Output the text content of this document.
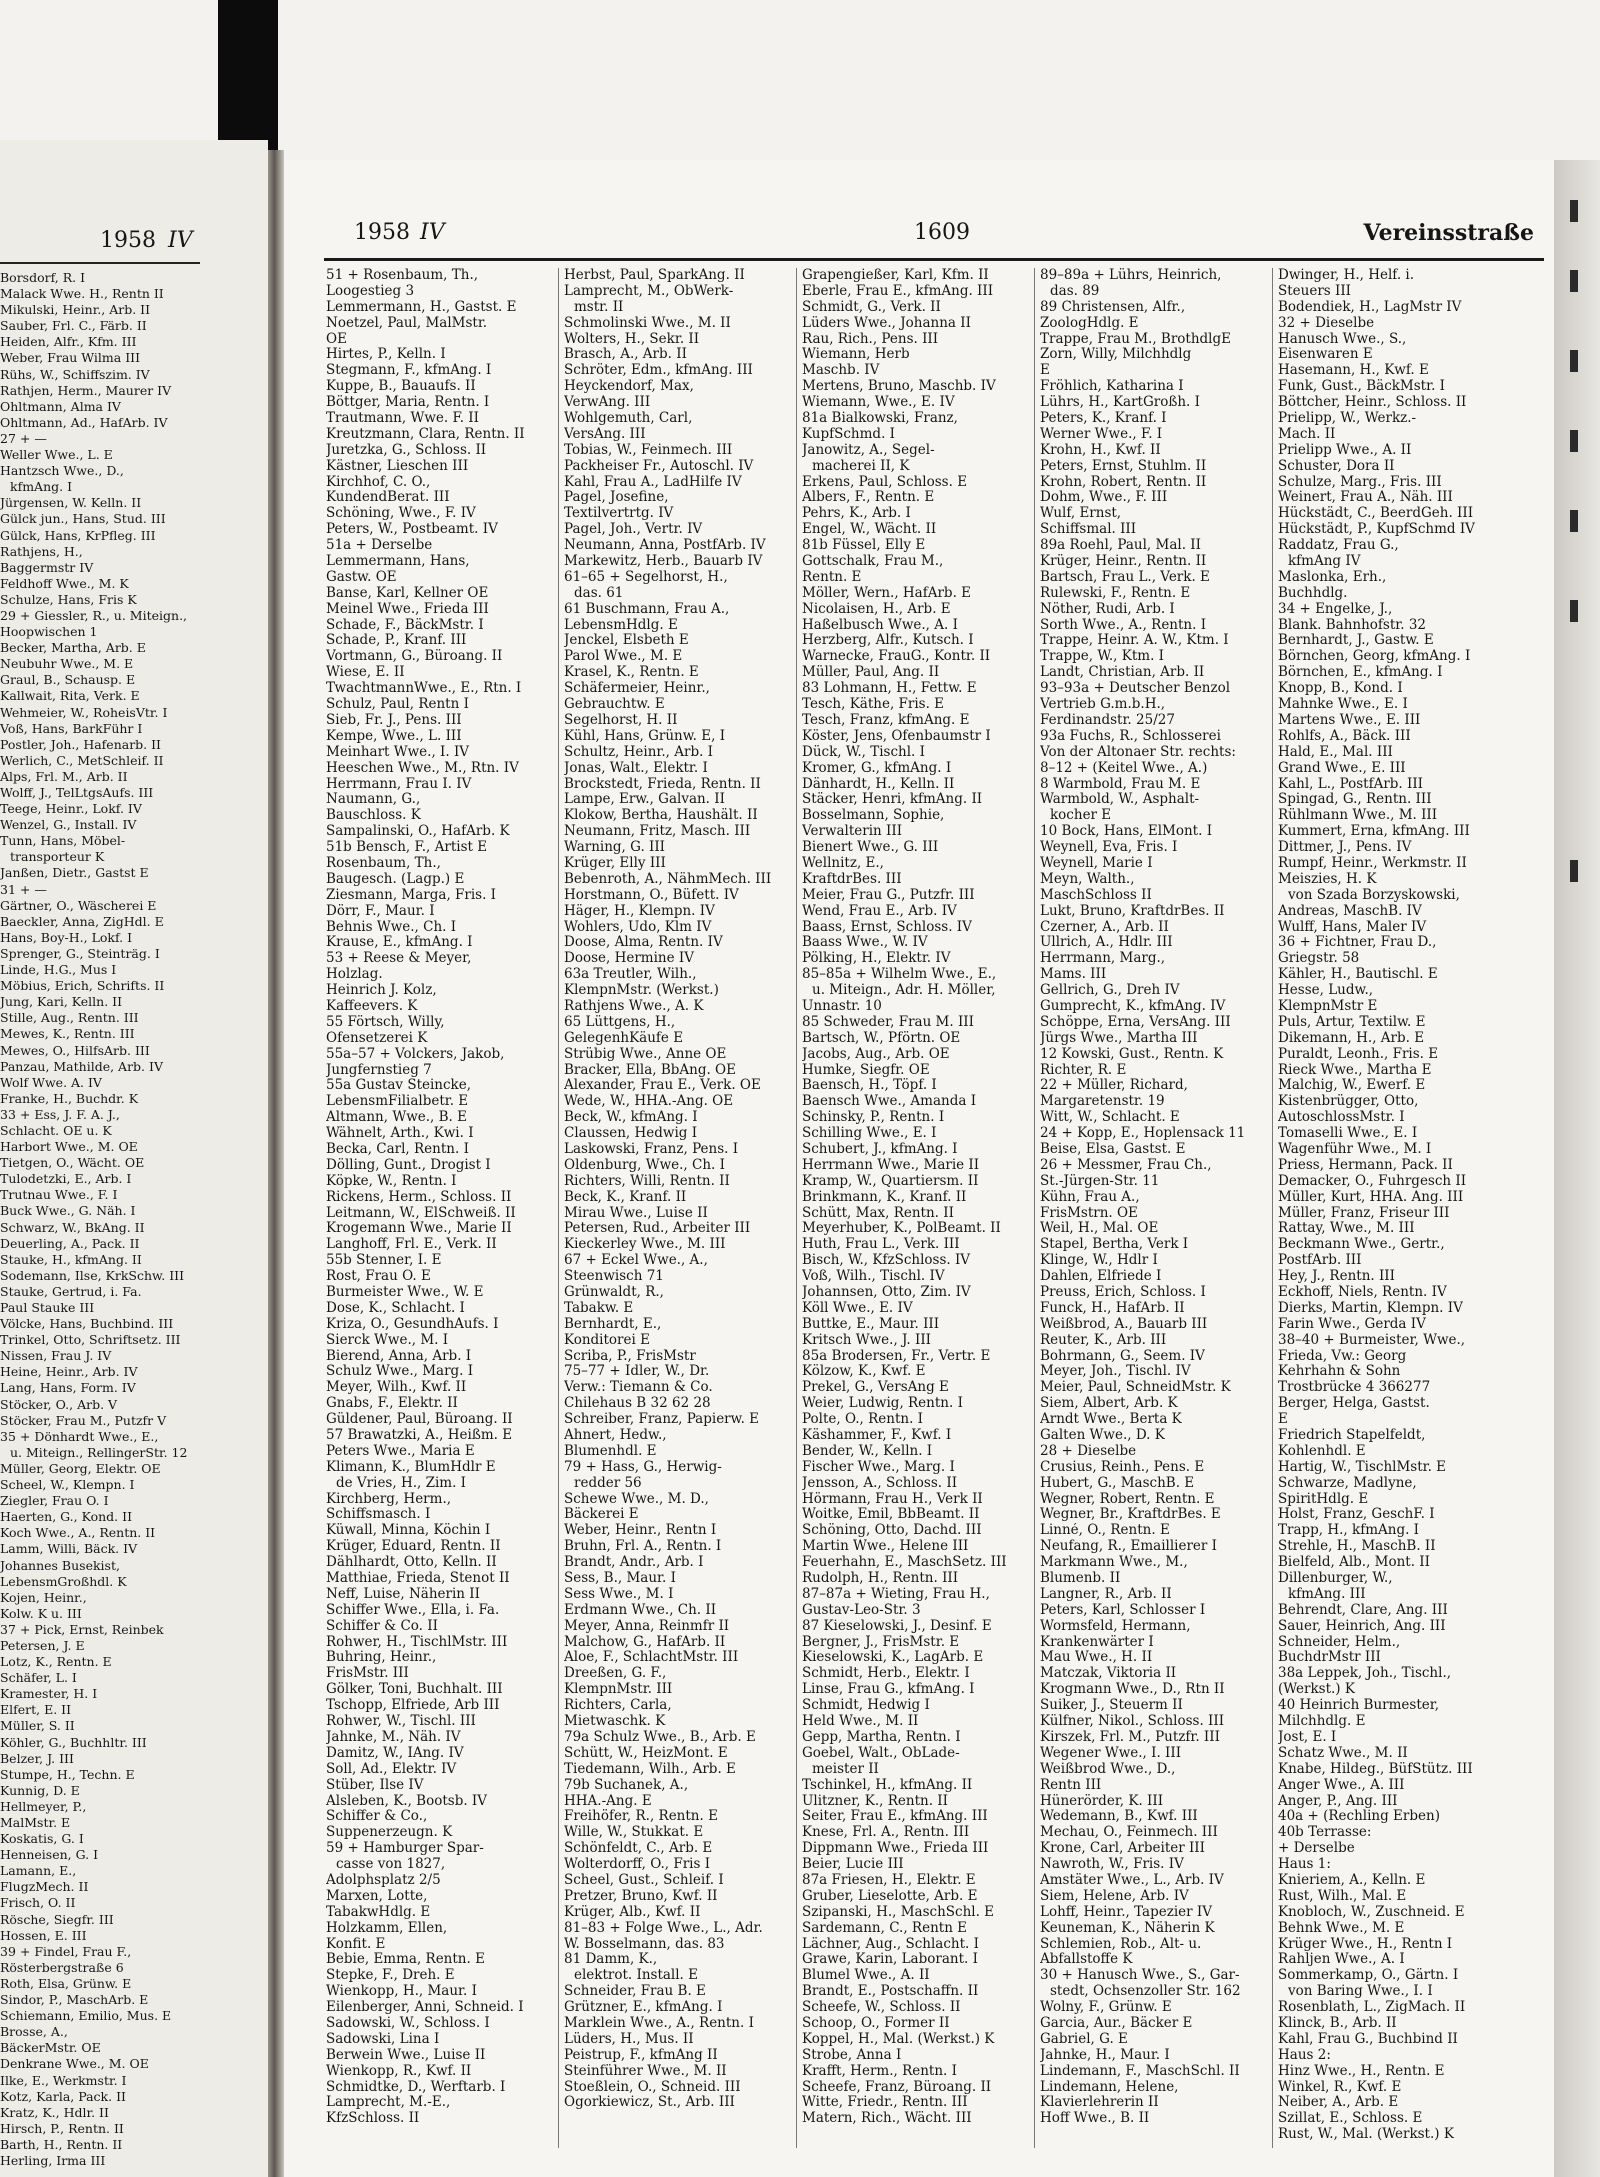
1958 IV
Borsdorf, R. I
Malack Wwe. H., Rentn II
Mikulski, Heinr., Arb. II
Sauber, Frl. C., Färb. II
Heiden, Alfr., Kfm. III
Weber, Frau Wilma III
Rühs, W., Schiffszim. IV
Rathjen, Herm., Maurer IV
Ohltmann, Alma IV
Ohltmann, Ad., HafArb. IV
27 + —
Weller Wwe., L. E
Hantzsch Wwe., D.,
kfmAng. I
Jürgensen, W. Kelln. II
Gülck jun., Hans, Stud. III
Gülck, Hans, KrPfleg. III
Rathjens, H.,
Baggermstr IV
Feldhoff Wwe., M. K
Schulze, Hans, Fris K
29 + Giessler, R., u. Miteign.,
Hoopwischen 1
Becker, Martha, Arb. E
Neubuhr Wwe., M. E
Graul, B., Schausp. E
Kallwait, Rita, Verk. E
Wehmeier, W., RoheisVtr. I
Voß, Hans, BarkFühr I
Postler, Joh., Hafenarb. II
Werlich, C., MetSchleif. II
Alps, Frl. M., Arb. II
Wolff, J., TelLtgsAufs. III
Teege, Heinr., Lokf. IV
Wenzel, G., Install. IV
Tunn, Hans, Möbel-
transporteur K
Janßen, Dietr., Gastst E
31 + —
Gärtner, O., Wäscherei E
Baeckler, Anna, ZigHdl. E
Hans, Boy-H., Lokf. I
Sprenger, G., Steinträg. I
Linde, H.G., Mus I
Möbius, Erich, Schrifts. II
Jung, Kari, Kelln. II
Stille, Aug., Rentn. III
Mewes, K., Rentn. III
Mewes, O., HilfsArb. III
Panzau, Mathilde, Arb. IV
Wolf Wwe. A. IV
Franke, H., Buchdr. K
33 + Ess, J. F. A. J.,
Schlacht. OE u. K
Harbort Wwe., M. OE
Tietgen, O., Wächt. OE
Tulodetzki, E., Arb. I
Trutnau Wwe., F. I
Buck Wwe., G. Näh. I
Schwarz, W., BkAng. II
Deuerling, A., Pack. II
Stauke, H., kfmAng. II
Sodemann, Ilse, KrkSchw. III
Stauke, Gertrud, i. Fa.
Paul Stauke III
Völcke, Hans, Buchbind. III
Trinkel, Otto, Schriftsetz. III
Nissen, Frau J. IV
Heine, Heinr., Arb. IV
Lang, Hans, Form. IV
Stöcker, O., Arb. V
Stöcker, Frau M., Putzfr V
35 + Dönhardt Wwe., E.,
u. Miteign., RellingerStr. 12
Müller, Georg, Elektr. OE
Scheel, W., Klempn. I
Ziegler, Frau O. I
Haerten, G., Kond. II
Koch Wwe., A., Rentn. II
Lamm, Willi, Bäck. IV
Johannes Busekist,
LebensmGroßhdl. K
Kojen, Heinr.,
Kolw. K u. III
37 + Pick, Ernst, Reinbek
Petersen, J. E
Lotz, K., Rentn. E
Schäfer, L. I
Kramester, H. I
Elfert, E. II
Müller, S. II
Köhler, G., Buchhltr. III
Belzer, J. III
Stumpe, H., Techn. E
Kunnig, D. E
Hellmeyer, P.,
MalMstr. E
Koskatis, G. I
Henneisen, G. I
Lamann, E.,
FlugzMech. II
Frisch, O. II
Rösche, Siegfr. III
Hossen, E. III
39 + Findel, Frau F.,
Rösterbergstraße 6
Roth, Elsa, Grünw. E
Sindor, P., MaschArb. E
Schiemann, Emilio, Mus. E
Brosse, A.,
BäckerMstr. OE
Denkrane Wwe., M. OE
Ilke, E., Werkmstr. I
Kotz, Karla, Pack. II
Kratz, K., Hdlr. II
Hirsch, P., Rentn. II
Barth, H., Rentn. II
Herling, Irma III
1958 IV	1609	Vereinsstraße
51 + Rosenbaum, Th.,
Loogestieg 3
Lemmermann, H., Gastst. E
Noetzel, Paul, MalMstr.
OE
Hirtes, P., Kelln. I
Stegmann, F., kfmAng. I
Kuppe, B., Bauaufs. II
Böttger, Maria, Rentn. I
Trautmann, Wwe. F. II
Kreutzmann, Clara, Rentn. II
Juretzka, G., Schloss. II
Kästner, Lieschen III
Kirchhof, C. O.,
KundendBerat. III
Schöning, Wwe., F. IV
Peters, W., Postbeamt. IV
51a + Derselbe
Lemmermann, Hans,
Gastw. OE
Banse, Karl, Kellner OE
Meinel Wwe., Frieda III
Schade, F., BäckMstr. I
Schade, P., Kranf. III
Vortmann, G., Büroang. II
Wiese, E. II
TwachtmannWwe., E., Rtn. I
Schulz, Paul, Rentn I
Sieb, Fr. J., Pens. III
Kempe, Wwe., L. III
Meinhart Wwe., I. IV
Heeschen Wwe., M., Rtn. IV
Herrmann, Frau I. IV
Naumann, G.,
Bauschloss. K
Sampalinski, O., HafArb. K
51b Bensch, F., Artist E
Rosenbaum, Th.,
Baugesch. (Lagp.) E
Ziesmann, Marga, Fris. I
Dörr, F., Maur. I
Behnis Wwe., Ch. I
Krause, E., kfmAng. I
53 + Reese & Meyer,
Holzlag.
Heinrich J. Kolz,
Kaffeevers. K
55 Förtsch, Willy,
Ofensetzerei K
55a–57 + Volckers, Jakob,
Jungfernstieg 7
55a Gustav Steincke,
LebensmFilialbetr. E
Altmann, Wwe., B. E
Wähnelt, Arth., Kwi. I
Becka, Carl, Rentn. I
Dölling, Gunt., Drogist I
Köpke, W., Rentn. I
Rickens, Herm., Schloss. II
Leitmann, W., ElSchweiß. II
Krogemann Wwe., Marie II
Langhoff, Frl. E., Verk. II
55b Stenner, I. E
Rost, Frau O. E
Burmeister Wwe., W. E
Dose, K., Schlacht. I
Kriza, O., GesundhAufs. I
Sierck Wwe., M. I
Bierend, Anna, Arb. I
Schulz Wwe., Marg. I
Meyer, Wilh., Kwf. II
Gnabs, F., Elektr. II
Güldener, Paul, Büroang. II
57 Brawatzki, A., Heißm. E
Peters Wwe., Maria E
Klimann, K., BlumHdlr E
de Vries, H., Zim. I
Kirchberg, Herm.,
Schiffsmasch. I
Küwall, Minna, Köchin I
Krüger, Eduard, Rentn. II
Dählhardt, Otto, Kelln. II
Matthiae, Frieda, Stenot II
Neff, Luise, Näherin II
Schiffer Wwe., Ella, i. Fa.
Schiffer & Co. II
Rohwer, H., TischlMstr. III
Buhring, Heinr.,
FrisMstr. III
Gölker, Toni, Buchhalt. III
Tschopp, Elfriede, Arb III
Rohwer, W., Tischl. III
Jahnke, M., Näh. IV
Damitz, W., IAng. IV
Soll, Ad., Elektr. IV
Stüber, Ilse IV
Alsleben, K., Bootsb. IV
Schiffer & Co.,
Suppenerzeugn. K
59 + Hamburger Spar-
casse von 1827,
Adolphsplatz 2/5
Marxen, Lotte,
TabakwHdlg. E
Holzkamm, Ellen,
Konfit. E
Bebie, Emma, Rentn. E
Stepke, F., Dreh. E
Wienkopp, H., Maur. I
Eilenberger, Anni, Schneid. I
Sadowski, W., Schloss. I
Sadowski, Lina I
Berwein Wwe., Luise II
Wienkopp, R., Kwf. II
Schmidtke, D., Werftarb. I
Lamprecht, M.-E.,
KfzSchloss. II
Herbst, Paul, SparkAng. II
Lamprecht, M., ObWerk-
mstr. II
Schmolinski Wwe., M. II
Wolters, H., Sekr. II
Brasch, A., Arb. II
Schröter, Edm., kfmAng. III
Heyckendorf, Max,
VerwAng. III
Wohlgemuth, Carl,
VersAng. III
Tobias, W., Feinmech. III
Packheiser Fr., Autoschl. IV
Kahl, Frau A., LadHilfe IV
Pagel, Josefine,
Textilvertrtg. IV
Pagel, Joh., Vertr. IV
Neumann, Anna, PostfArb. IV
Markewitz, Herb., Bauarb IV
61–65 + Segelhorst, H.,
das. 61
61 Buschmann, Frau A.,
LebensmHdlg. E
Jenckel, Elsbeth E
Parol Wwe., M. E
Krasel, K., Rentn. E
Schäfermeier, Heinr.,
Gebrauchtw. E
Segelhorst, H. II
Kühl, Hans, Grünw. E, I
Schultz, Heinr., Arb. I
Jonas, Walt., Elektr. I
Brockstedt, Frieda, Rentn. II
Lampe, Erw., Galvan. II
Klokow, Bertha, Haushält. II
Neumann, Fritz, Masch. III
Warning, G. III
Krüger, Elly III
Bebenroth, A., NähmMech. III
Horstmann, O., Büfett. IV
Häger, H., Klempn. IV
Wohlers, Udo, Klm IV
Doose, Alma, Rentn. IV
Doose, Hermine IV
63a Treutler, Wilh.,
KlempnMstr. (Werkst.)
Rathjens Wwe., A. K
65 Lüttgens, H.,
GelegenhKäufe E
Strübig Wwe., Anne OE
Bracker, Ella, BbAng. OE
Alexander, Frau E., Verk. OE
Wede, W., HHA.-Ang. OE
Beck, W., kfmAng. I
Claussen, Hedwig I
Laskowski, Franz, Pens. I
Oldenburg, Wwe., Ch. I
Richters, Willi, Rentn. II
Beck, K., Kranf. II
Mirau Wwe., Luise II
Petersen, Rud., Arbeiter III
Kieckerley Wwe., M. III
67 + Eckel Wwe., A.,
Steenwisch 71
Grünwaldt, R.,
Tabakw. E
Bernhardt, E.,
Konditorei E
Scriba, P., FrisMstr
75–77 + Idler, W., Dr.
Verw.: Tiemann & Co.
Chilehaus B 32 62 28
Schreiber, Franz, Papierw. E
Ahnert, Hedw.,
Blumenhdl. E
79 + Hass, G., Herwig-
redder 56
Schewe Wwe., M. D.,
Bäckerei E
Weber, Heinr., Rentn I
Bruhn, Frl. A., Rentn. I
Brandt, Andr., Arb. I
Sess, B., Maur. I
Sess Wwe., M. I
Erdmann Wwe., Ch. II
Meyer, Anna, Reinmfr II
Malchow, G., HafArb. II
Aloe, F., SchlachtMstr. III
Dreeßen, G. F.,
KlempnMstr. III
Richters, Carla,
Mietwaschk. K
79a Schulz Wwe., B., Arb. E
Schütt, W., HeizMont. E
Tiedemann, Wilh., Arb. E
79b Suchanek, A.,
HHA.-Ang. E
Freihöfer, R., Rentn. E
Wille, W., Stukkat. E
Schönfeldt, C., Arb. E
Wolterdorff, O., Fris I
Scheel, Gust., Schleif. I
Pretzer, Bruno, Kwf. II
Krüger, Alb., Kwf. II
81–83 + Folge Wwe., L., Adr.
W. Bosselmann, das. 83
81 Damm, K.,
elektrot. Install. E
Schneider, Frau B. E
Grützner, E., kfmAng. I
Marklein Wwe., A., Rentn. I
Lüders, H., Mus. II
Peistrup, F., kfmAng II
Steinführer Wwe., M. II
Stoeßlein, O., Schneid. III
Ogorkiewicz, St., Arb. III
Grapengießer, Karl, Kfm. II
Eberle, Frau E., kfmAng. III
Schmidt, G., Verk. II
Lüders Wwe., Johanna II
Rau, Rich., Pens. III
Wiemann, Herb
Maschb. IV
Mertens, Bruno, Maschb. IV
Wiemann, Wwe., E. IV
81a Bialkowski, Franz,
KupfSchmd. I
Janowitz, A., Segel-
macherei II, K
Erkens, Paul, Schloss. E
Albers, F., Rentn. E
Pehrs, K., Arb. I
Engel, W., Wächt. II
81b Füssel, Elly E
Gottschalk, Frau M.,
Rentn. E
Möller, Wern., HafArb. E
Nicolaisen, H., Arb. E
Haßelbusch Wwe., A. I
Herzberg, Alfr., Kutsch. I
Warnecke, FrauG., Kontr. II
Müller, Paul, Ang. II
83 Lohmann, H., Fettw. E
Tesch, Käthe, Fris. E
Tesch, Franz, kfmAng. E
Köster, Jens, Ofenbaumstr I
Dück, W., Tischl. I
Kromer, G., kfmAng. I
Dänhardt, H., Kelln. II
Stäcker, Henri, kfmAng. II
Bosselmann, Sophie,
Verwalterin III
Bienert Wwe., G. III
Wellnitz, E.,
KraftdrBes. III
Meier, Frau G., Putzfr. III
Wend, Frau E., Arb. IV
Baass, Ernst, Schloss. IV
Baass Wwe., W. IV
Pölking, H., Elektr. IV
85–85a + Wilhelm Wwe., E.,
u. Miteign., Adr. H. Möller,
Unnastr. 10
85 Schweder, Frau M. III
Bartsch, W., Pförtn. OE
Jacobs, Aug., Arb. OE
Humke, Siegfr. OE
Baensch, H., Töpf. I
Baensch Wwe., Amanda I
Schinsky, P., Rentn. I
Schilling Wwe., E. I
Schubert, J., kfmAng. I
Herrmann Wwe., Marie II
Kramp, W., Quartiersm. II
Brinkmann, K., Kranf. II
Schütt, Max, Rentn. II
Meyerhuber, K., PolBeamt. II
Huth, Frau L., Verk. III
Bisch, W., KfzSchloss. IV
Voß, Wilh., Tischl. IV
Johannsen, Otto, Zim. IV
Köll Wwe., E. IV
Buttke, E., Maur. III
Kritsch Wwe., J. III
85a Brodersen, Fr., Vertr. E
Kölzow, K., Kwf. E
Prekel, G., VersAng E
Weier, Ludwig, Rentn. I
Polte, O., Rentn. I
Käshammer, F., Kwf. I
Bender, W., Kelln. I
Fischer Wwe., Marg. I
Jensson, A., Schloss. II
Hörmann, Frau H., Verk II
Woitke, Emil, BbBeamt. II
Schöning, Otto, Dachd. III
Martin Wwe., Helene III
Feuerhahn, E., MaschSetz. III
Rudolph, H., Rentn. III
87–87a + Wieting, Frau H.,
Gustav-Leo-Str. 3
87 Kieselowski, J., Desinf. E
Bergner, J., FrisMstr. E
Kieselowski, K., LagArb. E
Schmidt, Herb., Elektr. I
Linse, Frau G., kfmAng. I
Schmidt, Hedwig I
Held Wwe., M. II
Gepp, Martha, Rentn. I
Goebel, Walt., ObLade-
meister II
Tschinkel, H., kfmAng. II
Ulitzner, K., Rentn. II
Seiter, Frau E., kfmAng. III
Knese, Frl. A., Rentn. III
Dippmann Wwe., Frieda III
Beier, Lucie III
87a Friesen, H., Elektr. E
Gruber, Lieselotte, Arb. E
Szipanski, H., MaschSchl. E
Sardemann, C., Rentn E
Lächner, Aug., Schlacht. I
Grawe, Karin, Laborant. I
Blumel Wwe., A. II
Brandt, E., Postschaffn. II
Scheefe, W., Schloss. II
Schoop, O., Former II
Koppel, H., Mal. (Werkst.) K
Strobe, Anna I
Krafft, Herm., Rentn. I
Scheefe, Franz, Büroang. II
Witte, Friedr., Rentn. III
Matern, Rich., Wächt. III
89–89a + Lührs, Heinrich,
das. 89
89 Christensen, Alfr.,
ZoologHdlg. E
Trappe, Frau M., BrothdlgE
Zorn, Willy, Milchhdlg
E
Fröhlich, Katharina I
Lührs, H., KartGroßh. I
Peters, K., Kranf. I
Werner Wwe., F. I
Krohn, H., Kwf. II
Peters, Ernst, Stuhlm. II
Krohn, Robert, Rentn. II
Dohm, Wwe., F. III
Wulf, Ernst,
Schiffsmal. III
89a Roehl, Paul, Mal. II
Krüger, Heinr., Rentn. II
Bartsch, Frau L., Verk. E
Rulewski, F., Rentn. E
Nöther, Rudi, Arb. I
Sorth Wwe., A., Rentn. I
Trappe, Heinr. A. W., Ktm. I
Trappe, W., Ktm. I
Landt, Christian, Arb. II
93–93a + Deutscher Benzol
Vertrieb G.m.b.H.,
Ferdinandstr. 25/27
93a Fuchs, R., Schlosserei
Von der Altonaer Str. rechts:
8–12 + (Keitel Wwe., A.)
8 Warmbold, Frau M. E
Warmbold, W., Asphalt-
kocher E
10 Bock, Hans, ElMont. I
Weynell, Eva, Fris. I
Weynell, Marie I
Meyn, Walth.,
MaschSchloss II
Lukt, Bruno, KraftdrBes. II
Czerner, A., Arb. II
Ullrich, A., Hdlr. III
Herrmann, Marg.,
Mams. III
Gellrich, G., Dreh IV
Gumprecht, K., kfmAng. IV
Schöppe, Erna, VersAng. III
Jürgs Wwe., Martha III
12 Kowski, Gust., Rentn. K
Richter, R. E
22 + Müller, Richard,
Margaretenstr. 19
Witt, W., Schlacht. E
24 + Kopp, E., Hoplensack 11
Beise, Elsa, Gastst. E
26 + Messmer, Frau Ch.,
St.-Jürgen-Str. 11
Kühn, Frau A.,
FrisMstrn. OE
Weil, H., Mal. OE
Stapel, Bertha, Verk I
Klinge, W., Hdlr I
Dahlen, Elfriede I
Preuss, Erich, Schloss. I
Funck, H., HafArb. II
Weißbrod, A., Bauarb III
Reuter, K., Arb. III
Bohrmann, G., Seem. IV
Meyer, Joh., Tischl. IV
Meier, Paul, SchneidMstr. K
Siem, Albert, Arb. K
Arndt Wwe., Berta K
Galten Wwe., D. K
28 + Dieselbe
Crusius, Reinh., Pens. E
Hubert, G., MaschB. E
Wegner, Robert, Rentn. E
Wegner, Br., KraftdrBes. E
Linné, O., Rentn. E
Neufang, R., Emaillierer I
Markmann Wwe., M.,
Blumenb. II
Langner, R., Arb. II
Peters, Karl, Schlosser I
Wormsfeld, Hermann,
Krankenwärter I
Mau Wwe., H. II
Matczak, Viktoria II
Krogmann Wwe., D., Rtn II
Suiker, J., Steuerm II
Külfner, Nikol., Schloss. III
Kirszek, Frl. M., Putzfr. III
Wegener Wwe., I. III
Weißbrod Wwe., D.,
Rentn III
Hünerörder, K. III
Wedemann, B., Kwf. III
Mechau, O., Feinmech. III
Krone, Carl, Arbeiter III
Nawroth, W., Fris. IV
Amstäter Wwe., L., Arb. IV
Siem, Helene, Arb. IV
Lohff, Heinr., Tapezier IV
Keuneman, K., Näherin K
Schlemien, Rob., Alt- u.
Abfallstoffe K
30 + Hanusch Wwe., S., Gar-
stedt, Ochsenzoller Str. 162
Wolny, F., Grünw. E
Garcia, Aur., Bäcker E
Gabriel, G. E
Jahnke, H., Maur. I
Lindemann, F., MaschSchl. II
Lindemann, Helene,
Klavierlehrerin II
Hoff Wwe., B. II
Dwinger, H., Helf. i.
Steuers III
Bodendiek, H., LagMstr IV
32 + Dieselbe
Hanusch Wwe., S.,
Eisenwaren E
Hasemann, H., Kwf. E
Funk, Gust., BäckMstr. I
Böttcher, Heinr., Schloss. II
Prielipp, W., Werkz.-
Mach. II
Prielipp Wwe., A. II
Schuster, Dora II
Schulze, Marg., Fris. III
Weinert, Frau A., Näh. III
Hückstädt, C., BeerdGeh. III
Hückstädt, P., KupfSchmd IV
Raddatz, Frau G.,
kfmAng IV
Maslonka, Erh.,
Buchhdlg.
34 + Engelke, J.,
Blank. Bahnhofstr. 32
Bernhardt, J., Gastw. E
Börnchen, Georg, kfmAng. I
Börnchen, E., kfmAng. I
Knopp, B., Kond. I
Mahnke Wwe., E. I
Martens Wwe., E. III
Rohlfs, A., Bäck. III
Hald, E., Mal. III
Grand Wwe., E. III
Kahl, L., PostfArb. III
Spingad, G., Rentn. III
Rühlmann Wwe., M. III
Kummert, Erna, kfmAng. III
Dittmer, J., Pens. IV
Rumpf, Heinr., Werkmstr. II
Meiszies, H. K
von Szada Borzyskowski,
Andreas, MaschB. IV
Wulff, Hans, Maler IV
36 + Fichtner, Frau D.,
Griegstr. 58
Kähler, H., Bautischl. E
Hesse, Ludw.,
KlempnMstr E
Puls, Artur, Textilw. E
Dikemann, H., Arb. E
Puraldt, Leonh., Fris. E
Rieck Wwe., Martha E
Malchig, W., Ewerf. E
Kistenbrügger, Otto,
AutoschlossMstr. I
Tomaselli Wwe., E. I
Wagenführ Wwe., M. I
Priess, Hermann, Pack. II
Demacker, O., Fuhrgesch II
Müller, Kurt, HHA. Ang. III
Müller, Franz, Friseur III
Rattay, Wwe., M. III
Beckmann Wwe., Gertr.,
PostfArb. III
Hey, J., Rentn. III
Eckhoff, Niels, Rentn. IV
Dierks, Martin, Klempn. IV
Farin Wwe., Gerda IV
38–40 + Burmeister, Wwe.,
Frieda, Vw.: Georg
Kehrhahn & Sohn
Trostbrücke 4 366277
Berger, Helga, Gastst.
E
Friedrich Stapelfeldt,
Kohlenhdl. E
Hartig, W., TischlMstr. E
Schwarze, Madlyne,
SpiritHdlg. E
Holst, Franz, GeschF. I
Trapp, H., kfmAng. I
Strehle, H., MaschB. II
Bielfeld, Alb., Mont. II
Dillenburger, W.,
kfmAng. III
Behrendt, Clare, Ang. III
Sauer, Heinrich, Ang. III
Schneider, Helm.,
BuchdrMstr III
38a Leppek, Joh., Tischl.,
(Werkst.) K
40 Heinrich Burmester,
Milchhdlg. E
Jost, E. I
Schatz Wwe., M. II
Knabe, Hildeg., BüfStütz. III
Anger Wwe., A. III
Anger, P., Ang. III
40a + (Rechling Erben)
40b Terrasse:
+ Derselbe
Haus 1:
Knieriem, A., Kelln. E
Rust, Wilh., Mal. E
Knobloch, W., Zuschneid. E
Behnk Wwe., M. E
Krüger Wwe., H., Rentn I
Rahljen Wwe., A. I
Sommerkamp, O., Gärtn. I
von Baring Wwe., I. I
Rosenblath, L., ZigMach. II
Klinck, B., Arb. II
Kahl, Frau G., Buchbind II
Haus 2:
Hinz Wwe., H., Rentn. E
Winkel, R., Kwf. E
Neiber, A., Arb. E
Szillat, E., Schloss. E
Rust, W., Mal. (Werkst.) K
